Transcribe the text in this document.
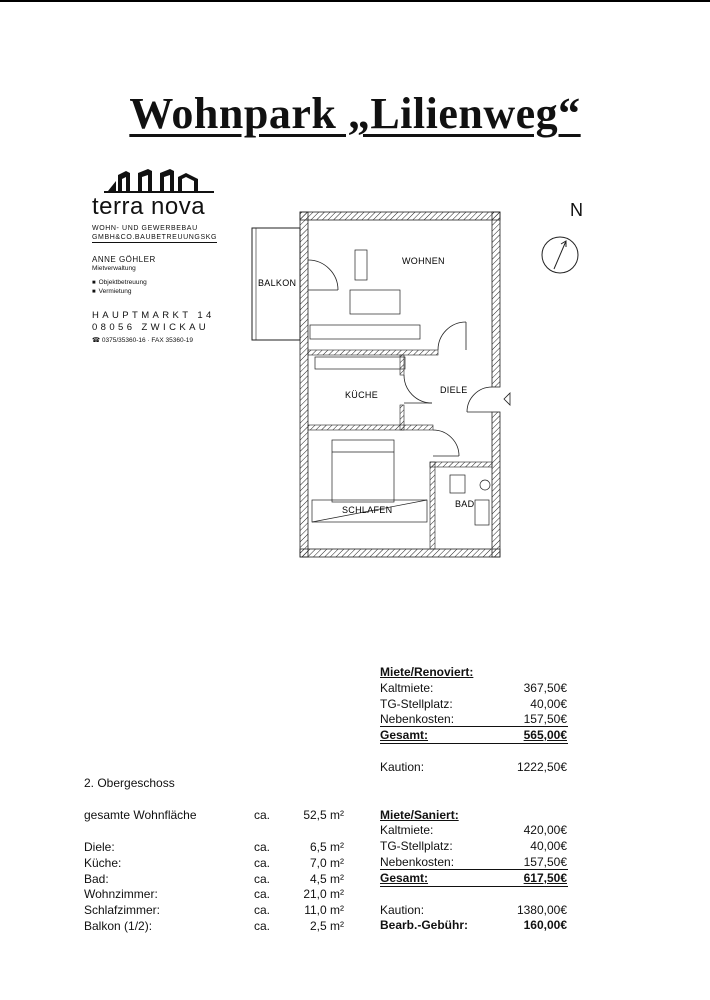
Wohnpark „Lilienweg“
terra nova
WOHN- UND GEWERBEBAU
GMBH&CO.BAUBETREUUNGSKG
ANNE GÖHLER
Mietverwaltung
■ Objektbetreuung
■ Vermietung
HAUPTMARKT 14
08056 ZWICKAU
☎ 0375/35360-16 · FAX 35360-19
BALKON
WOHNEN
KÜCHE	DIELE
SCHLAFEN
BAD
N
2. Obergeschoss
gesamte Wohnfläche	ca.	52,5 m²
Diele:	ca.	6,5 m²
Küche:	ca.	7,0 m²
Bad:	ca.	4,5 m²
Wohnzimmer:	ca.	21,0 m²
Schlafzimmer:	ca.	11,0 m²
Balkon (1/2):	ca.	2,5 m²
Miete/Renoviert:
Kaltmiete:	367,50€
TG-Stellplatz:	40,00€
Nebenkosten:	157,50€
Gesamt:	565,00€
Kaution:	1222,50€
Miete/Saniert:
Kaltmiete:	420,00€
TG-Stellplatz:	40,00€
Nebenkosten:	157,50€
Gesamt:	617,50€
Kaution:	1380,00€
Bearb.-Gebühr:	160,00€
